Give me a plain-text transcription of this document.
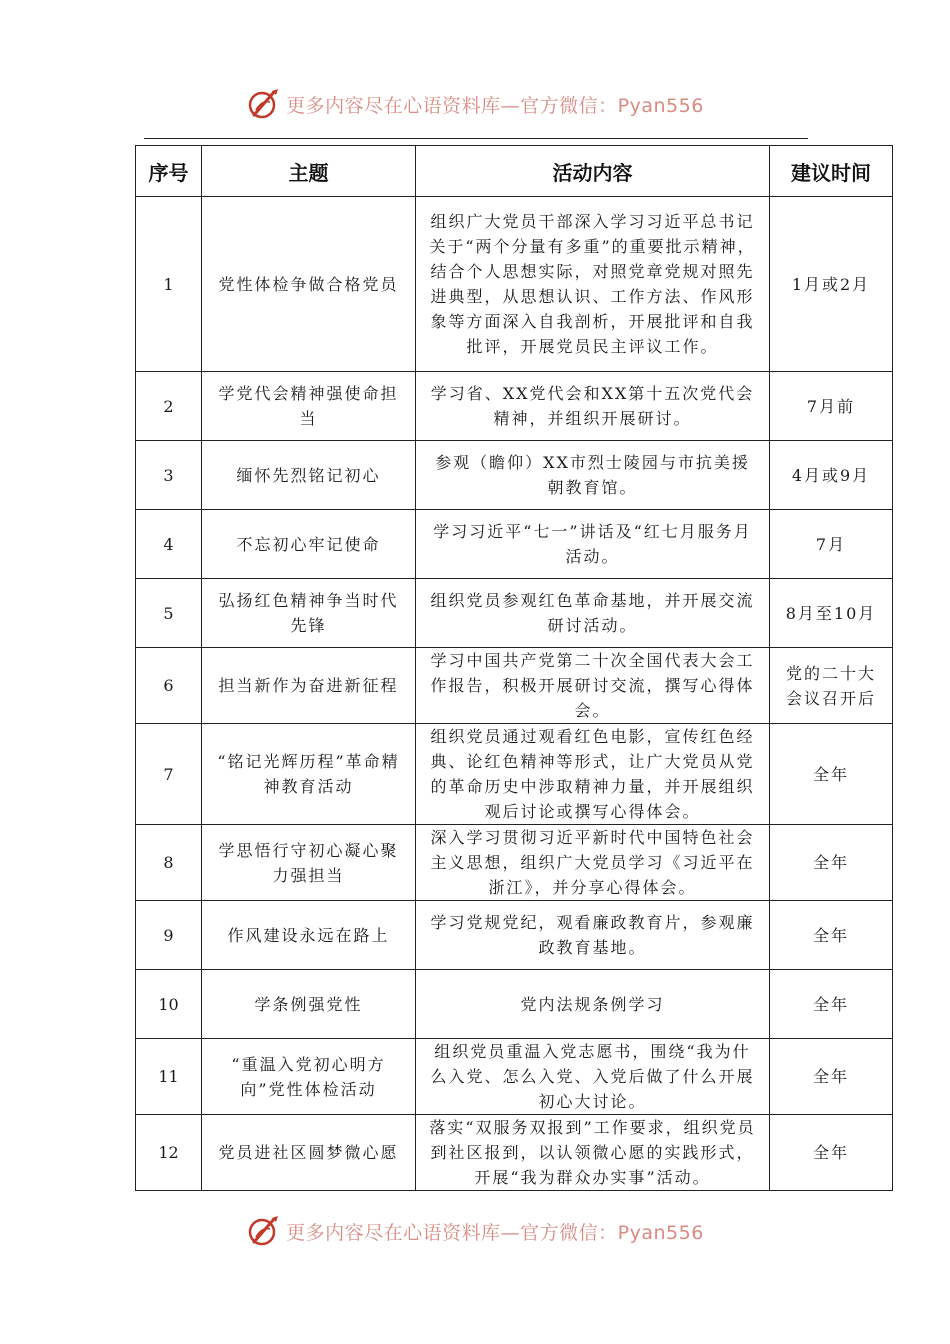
更多内容尽在心语资料库—官方微信：Pyan556
序号	主题	活动内容	建议时间
1	党性体检争做合格党员	组织广大党员干部深入学习习近平总书记关于“两个分量有多重”的重要批示精神，结合个人思想实际，对照党章党规对照先进典型，从思想认识、工作方法、作风形象等方面深入自我剖析，开展批评和自我批评，开展党员民主评议工作。	1月或2月
2	学党代会精神强使命担当	学习省、XX党代会和XX第十五次党代会精神，并组织开展研讨。	7月前
3	缅怀先烈铭记初心	参观（瞻仰）XX市烈士陵园与市抗美援朝教育馆。	4月或9月
4	不忘初心牢记使命	学习习近平“七一”讲话及“红七月服务月活动。	7月
5	弘扬红色精神争当时代先锋	组织党员参观红色革命基地，并开展交流研讨活动。	8月至10月
6	担当新作为奋进新征程	学习中国共产党第二十次全国代表大会工作报告，积极开展研讨交流，撰写心得体会。	党的二十大会议召开后
7	“铭记光辉历程”革命精神教育活动	组织党员通过观看红色电影，宣传红色经典、论红色精神等形式，让广大党员从党的革命历史中涉取精神力量，并开展组织观后讨论或撰写心得体会。	全年
8	学思悟行守初心凝心聚力强担当	深入学习贯彻习近平新时代中国特色社会主义思想，组织广大党员学习《习近平在浙江》，并分享心得体会。	全年
9	作风建设永远在路上	学习党规党纪，观看廉政教育片，参观廉政教育基地。	全年
10	学条例强党性	党内法规条例学习	全年
11	“重温入党初心明方向”党性体检活动	组织党员重温入党志愿书，围绕“我为什么入党、怎么入党、入党后做了什么开展初心大讨论。	全年
12	党员进社区圆梦微心愿	落实“双服务双报到”工作要求，组织党员到社区报到，以认领微心愿的实践形式，开展“我为群众办实事”活动。	全年
更多内容尽在心语资料库—官方微信：Pyan556
